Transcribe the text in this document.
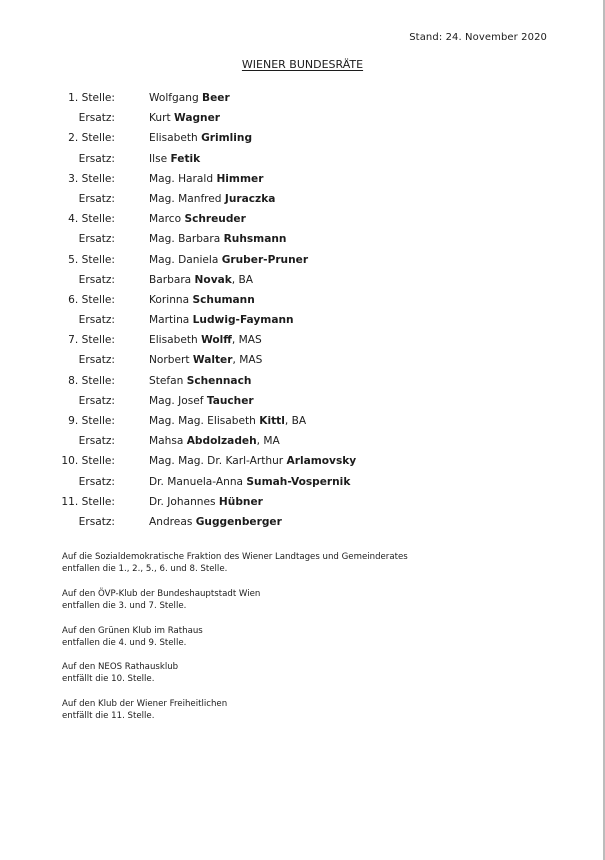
Stand: 24. November 2020
WIENER BUNDESRÄTE
1. Stelle:	Wolfgang Beer
Ersatz:	Kurt Wagner
2. Stelle:	Elisabeth Grimling
Ersatz:	Ilse Fetik
3. Stelle:	Mag. Harald Himmer
Ersatz:	Mag. Manfred Juraczka
4. Stelle:	Marco Schreuder
Ersatz:	Mag. Barbara Ruhsmann
5. Stelle:	Mag. Daniela Gruber-Pruner
Ersatz:	Barbara Novak, BA
6. Stelle:	Korinna Schumann
Ersatz:	Martina Ludwig-Faymann
7. Stelle:	Elisabeth Wolff, MAS
Ersatz:	Norbert Walter, MAS
8. Stelle:	Stefan Schennach
Ersatz:	Mag. Josef Taucher
9. Stelle:	Mag. Mag. Elisabeth Kittl, BA
Ersatz:	Mahsa Abdolzadeh, MA
10. Stelle:	Mag. Mag. Dr. Karl-Arthur Arlamovsky
Ersatz:	Dr. Manuela-Anna Sumah-Vospernik
11. Stelle:	Dr. Johannes Hübner
Ersatz:	Andreas Guggenberger
Auf die Sozialdemokratische Fraktion des Wiener Landtages und Gemeinderates
entfallen die 1., 2., 5., 6. und 8. Stelle.
Auf den ÖVP-Klub der Bundeshauptstadt Wien
entfallen die 3. und 7. Stelle.
Auf den Grünen Klub im Rathaus
entfallen die 4. und 9. Stelle.
Auf den NEOS Rathausklub
entfällt die 10. Stelle.
Auf den Klub der Wiener Freiheitlichen
entfällt die 11. Stelle.
